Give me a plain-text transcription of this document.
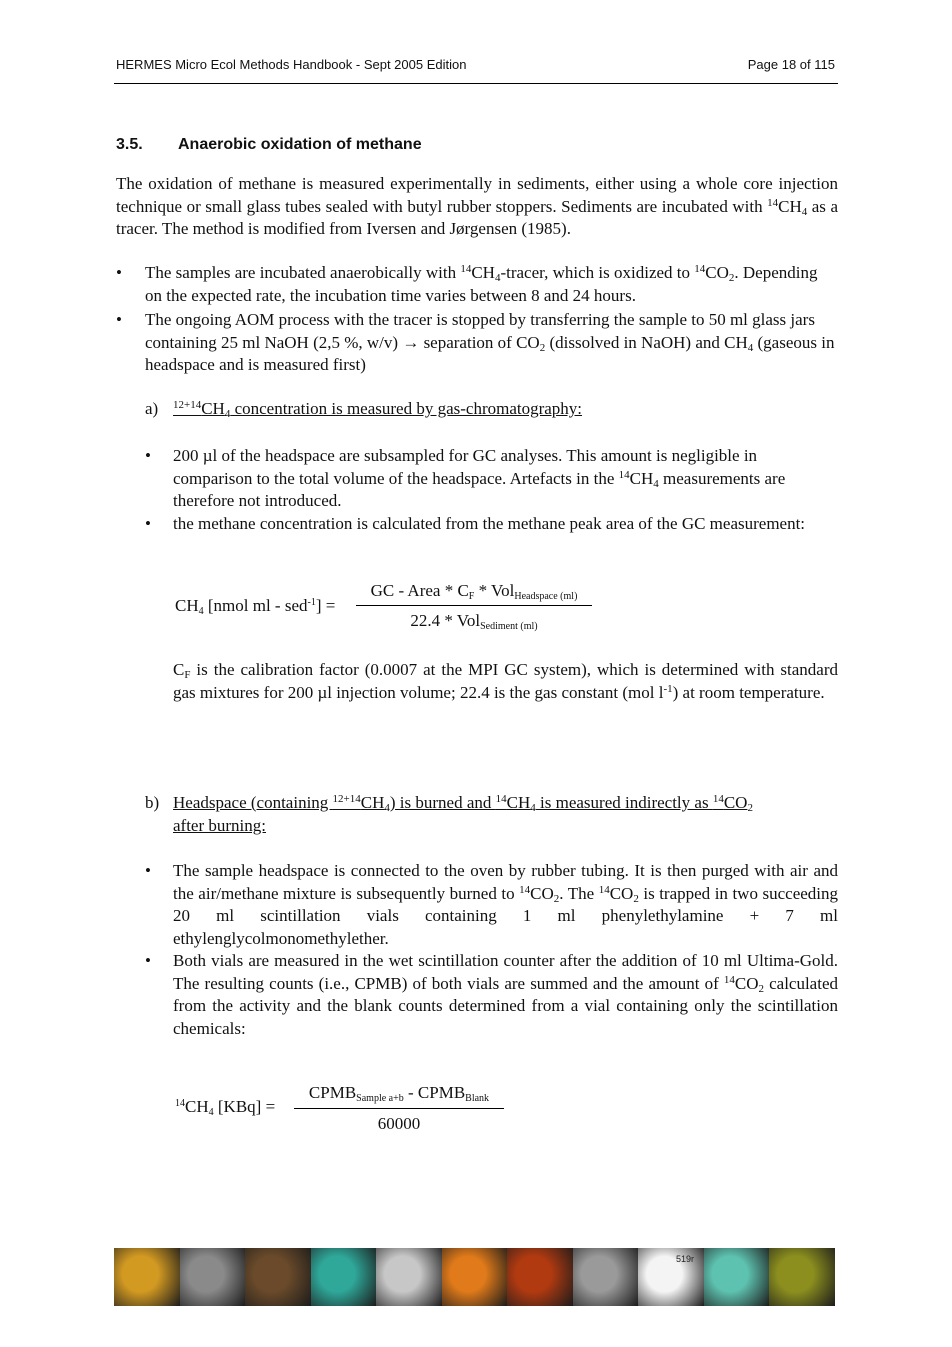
HERMES Micro Ecol Methods Handbook - Sept 2005 Edition	Page 18 of 115
3.5. Anaerobic oxidation of methane
The oxidation of methane is measured experimentally in sediments, either using a whole core injection technique or small glass tubes sealed with butyl rubber stoppers. Sediments are incubated with $^{14}CH_4$ as a tracer. The method is modified from Iversen and Jørgensen (1985).
• The samples are incubated anaerobically with $^{14}CH_4$-tracer, which is oxidized to $^{14}CO_2$. Depending on the expected rate, the incubation time varies between 8 and 24 hours.
• The ongoing AOM process with the tracer is stopped by transferring the sample to 50 ml glass jars containing 25 ml NaOH (2,5 %, w/v) → separation of $CO_2$ (dissolved in NaOH) and $CH_4$ (gaseous in headspace and is measured first)
a) $^{12+14}CH_4$ concentration is measured by gas-chromatography:
• 200 µl of the headspace are subsampled for GC analyses. This amount is negligible in comparison to the total volume of the headspace. Artefacts in the $^{14}CH_4$ measurements are therefore not introduced.
• the methane concentration is calculated from the methane peak area of the GC measurement:
$CH_4$ [nmol ml - sed$^{-1}$] =
GC - Area * $C_F * Vol_{Headspace (ml)}$
22.4 * Vol$_{Sediment (ml)}$
$C_F$ is the calibration factor (0.0007 at the MPI GC system), which is determined with standard gas mixtures for 200 µl injection volume; 22.4 is the gas constant (mol $l^{-1}$) at room temperature.
b) Headspace (containing $^{12+14}CH_4$) is burned and $^{14}CH_4$ is measured indirectly as $^{14}CO_2$
after burning:
• The sample headspace is connected to the oven by rubber tubing. It is then purged with air and the air/methane mixture is subsequently burned to $^{14}CO_2$. The $^{14}CO_2$ is trapped in two succeeding 20 ml scintillation vials containing 1 ml phenylethylamine + 7 ml ethylenglycolmonomethylether.
• Both vials are measured in the wet scintillation counter after the addition of 10 ml Ultima-Gold. The resulting counts (i.e., CPMB) of both vials are summed and the amount of $^{14}CO_2$ calculated from the activity and the blank counts determined from a vial containing only the scintillation chemicals:
$^{14}CH_4$ [KBq] =
$CPMB_{Sample a+b}$ - $CPMB_{Blank}$
60000
519r
